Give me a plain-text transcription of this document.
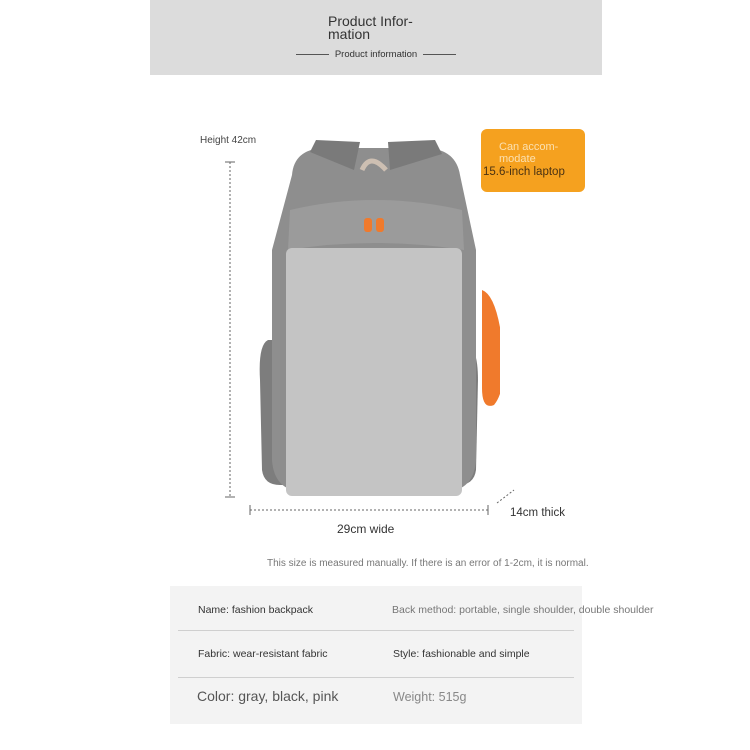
Product Infor-
mation
Product information
Height 42cm
29cm wide
14cm thick
Can accom-
modate
15.6-inch laptop
This size is measured manually. If there is an error of 1-2cm, it is normal.
Name: fashion backpack	Back method: portable, single shoulder, double shoulder
Fabric: wear-resistant fabric	Style: fashionable and simple
Color: gray, black, pink	Weight: 515g
